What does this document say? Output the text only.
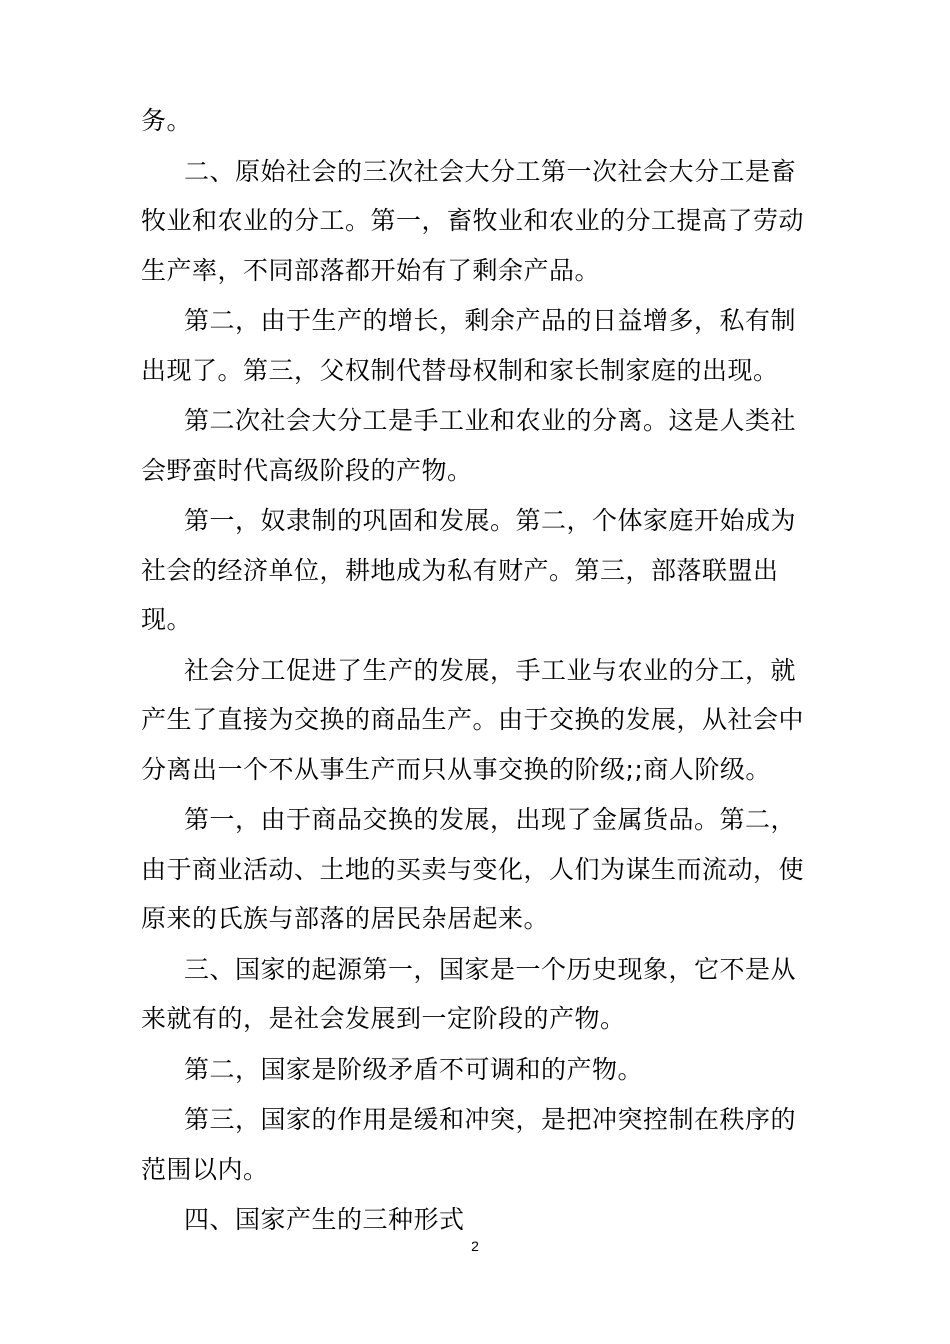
务。

二、原始社会的三次社会大分工第一次社会大分工是畜牧业和农业的分工。第一，畜牧业和农业的分工提高了劳动生产率，不同部落都开始有了剩余产品。

第二，由于生产的增长，剩余产品的日益增多，私有制出现了。第三，父权制代替母权制和家长制家庭的出现。

第二次社会大分工是手工业和农业的分离。这是人类社会野蛮时代高级阶段的产物。

第一，奴隶制的巩固和发展。第二，个体家庭开始成为社会的经济单位，耕地成为私有财产。第三，部落联盟出现。

社会分工促进了生产的发展，手工业与农业的分工，就产生了直接为交换的商品生产。由于交换的发展，从社会中分离出一个不从事生产而只从事交换的阶级;;商人阶级。

第一，由于商品交换的发展，出现了金属货品。第二，由于商业活动、土地的买卖与变化，人们为谋生而流动，使原来的氏族与部落的居民杂居起来。

三、国家的起源第一，国家是一个历史现象，它不是从来就有的，是社会发展到一定阶段的产物。

第二，国家是阶级矛盾不可调和的产物。

第三，国家的作用是缓和冲突，是把冲突控制在秩序的范围以内。

四、国家产生的三种形式

2
